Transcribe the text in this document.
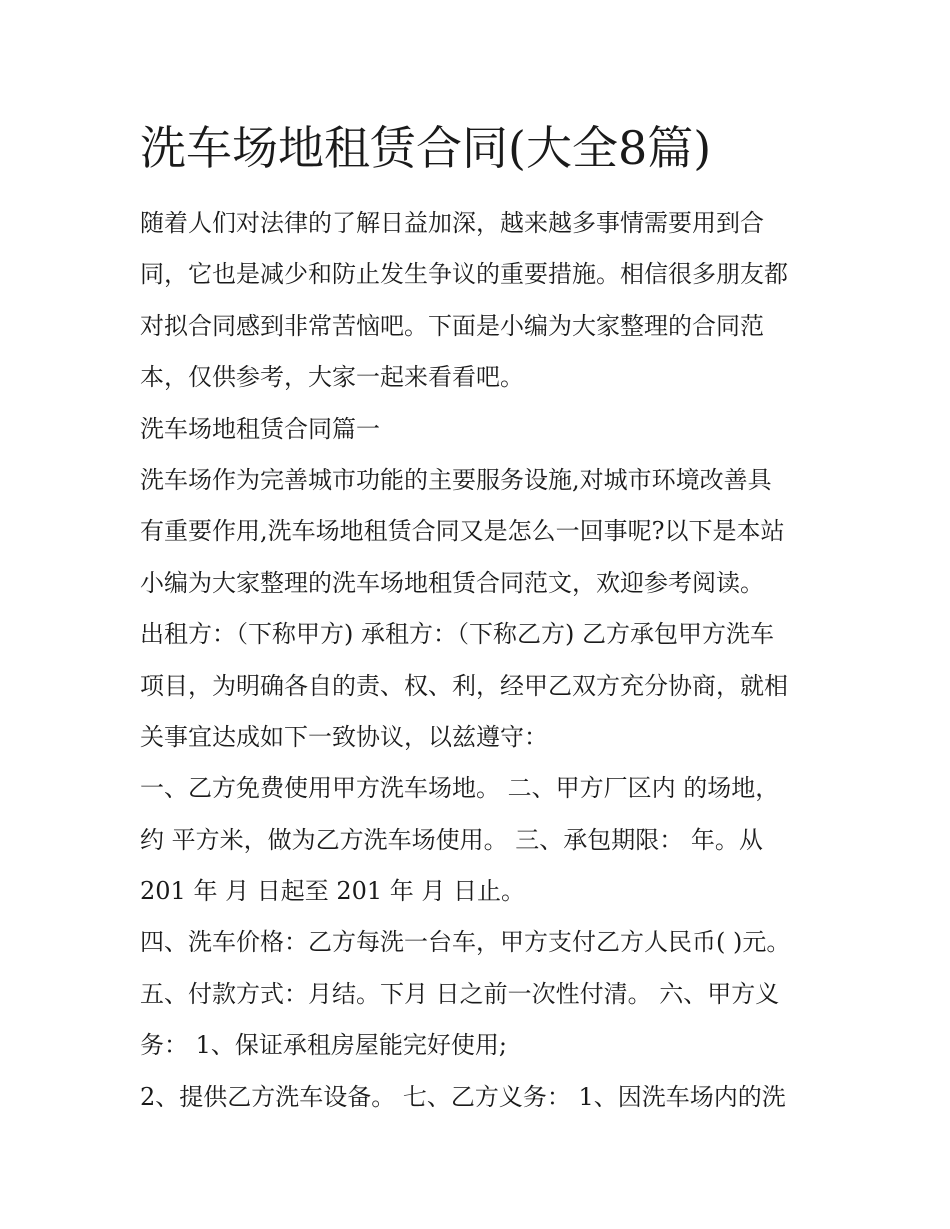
洗车场地租赁合同(大全8篇)
随着人们对法律的了解日益加深，越来越多事情需要用到合
同，它也是减少和防止发生争议的重要措施。相信很多朋友都
对拟合同感到非常苦恼吧。下面是小编为大家整理的合同范
本，仅供参考，大家一起来看看吧。
洗车场地租赁合同篇一
洗车场作为完善城市功能的主要服务设施,对城市环境改善具
有重要作用,洗车场地租赁合同又是怎么一回事呢?以下是本站
小编为大家整理的洗车场地租赁合同范文，欢迎参考阅读。
出租方：（下称甲方) 承租方：（下称乙方) 乙方承包甲方洗车
项目，为明确各自的责、权、利，经甲乙双方充分协商，就相
关事宜达成如下一致协议，以兹遵守：
一、乙方免费使用甲方洗车场地。 二、甲方厂区内 的场地，
约 平方米，做为乙方洗车场使用。 三、承包期限： 年。从
201 年 月 日起至 201 年 月 日止。
四、洗车价格：乙方每洗一台车，甲方支付乙方人民币( )元。
五、付款方式：月结。下月 日之前一次性付清。 六、甲方义
务： 1、保证承租房屋能完好使用;
2、提供乙方洗车设备。 七、乙方义务： 1、因洗车场内的洗
